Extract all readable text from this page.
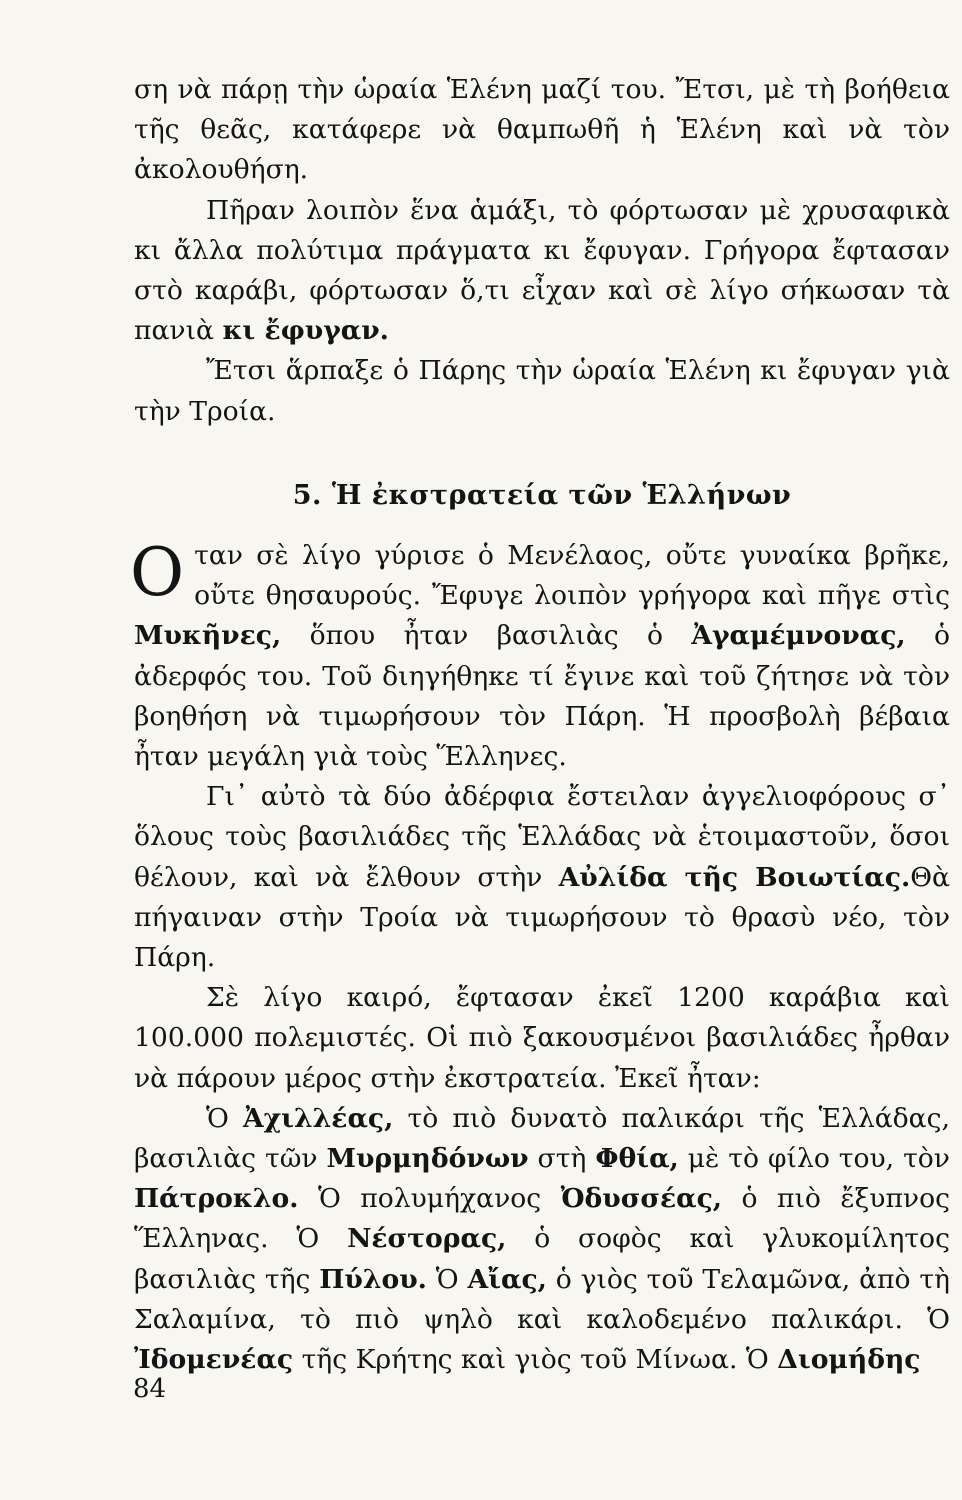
ση νὰ πάρῃ τὴν ὡραία Ἑλένη μαζί του. Ἔτσι, μὲ τὴ βοήθεια τῆς θεᾶς, κατάφερε νὰ θαμπωθῆ ἡ Ἑλένη καὶ νὰ τὸν ἀκολουθήση.

Πῆραν λοιπὸν ἕνα ἁμάξι, τὸ φόρτωσαν μὲ χρυσαφικὰ κι ἄλλα πολύτιμα πράγματα κι ἔφυγαν. Γρήγορα ἔφτασαν στὸ καράβι, φόρτωσαν ὅ,τι εἶχαν καὶ σὲ λίγο σήκωσαν τὰ πανιὰ κι ἔφυγαν.

Ἔτσι ἅρπαξε ὁ Πάρης τὴν ὡραία Ἑλένη κι ἔφυγαν γιὰ τὴν Τροία.

5. Ἡ ἐκστρατεία τῶν Ἑλλήνων

Οταν σὲ λίγο γύρισε ὁ Μενέλαος, οὔτε γυναίκα βρῆκε, οὔτε θησαυρούς. Ἔφυγε λοιπὸν γρήγορα καὶ πῆγε στὶς Μυκῆνες, ὅπου ἦταν βασιλιὰς ὁ Ἀγαμέμνονας, ὁ ἀδερφός του. Τοῦ διηγήθηκε τί ἔγινε καὶ τοῦ ζήτησε νὰ τὸν βοηθήση νὰ τιμωρήσουν τὸν Πάρη. Ἡ προσβολὴ βέβαια ἦταν μεγάλη γιὰ τοὺς Ἕλληνες.

Γι᾿ αὐτὸ τὰ δύο ἀδέρφια ἔστειλαν ἀγγελιοφόρους σ᾿ ὅλους τοὺς βασιλιάδες τῆς Ἑλλάδας νὰ ἑτοιμαστοῦν, ὅσοι θέλουν, καὶ νὰ ἔλθουν στὴν Αὐλίδα τῆς Βοιωτίας.Θὰ πήγαιναν στὴν Τροία νὰ τιμωρήσουν τὸ θρασὺ νέο, τὸν Πάρη.

Σὲ λίγο καιρό, ἔφτασαν ἐκεῖ 1200 καράβια καὶ 100.000 πολεμιστές. Οἱ πιὸ ξακουσμένοι βασιλιάδες ἦρθαν νὰ πάρουν μέρος στὴν ἐκστρατεία. Ἐκεῖ ἦταν:

Ὁ Ἀχιλλέας, τὸ πιὸ δυνατὸ παλικάρι τῆς Ἑλλάδας, βασιλιὰς τῶν Μυρμηδόνων στὴ Φθία, μὲ τὸ φίλο του, τὸν Πάτροκλο. Ὁ πολυμήχανος Ὀδυσσέας, ὁ πιὸ ἔξυπνος Ἕλληνας. Ὁ Νέστορας, ὁ σοφὸς καὶ γλυκομίλητος βασιλιὰς τῆς Πύλου. Ὁ Αἴας, ὁ γιὸς τοῦ Τελαμῶνα, ἀπὸ τὴ Σαλαμίνα, τὸ πιὸ ψηλὸ καὶ καλοδεμένο παλικάρι. Ὁ Ἰδομενέας τῆς Κρήτης καὶ γιὸς τοῦ Μίνωα. Ὁ Διομήδης

84
